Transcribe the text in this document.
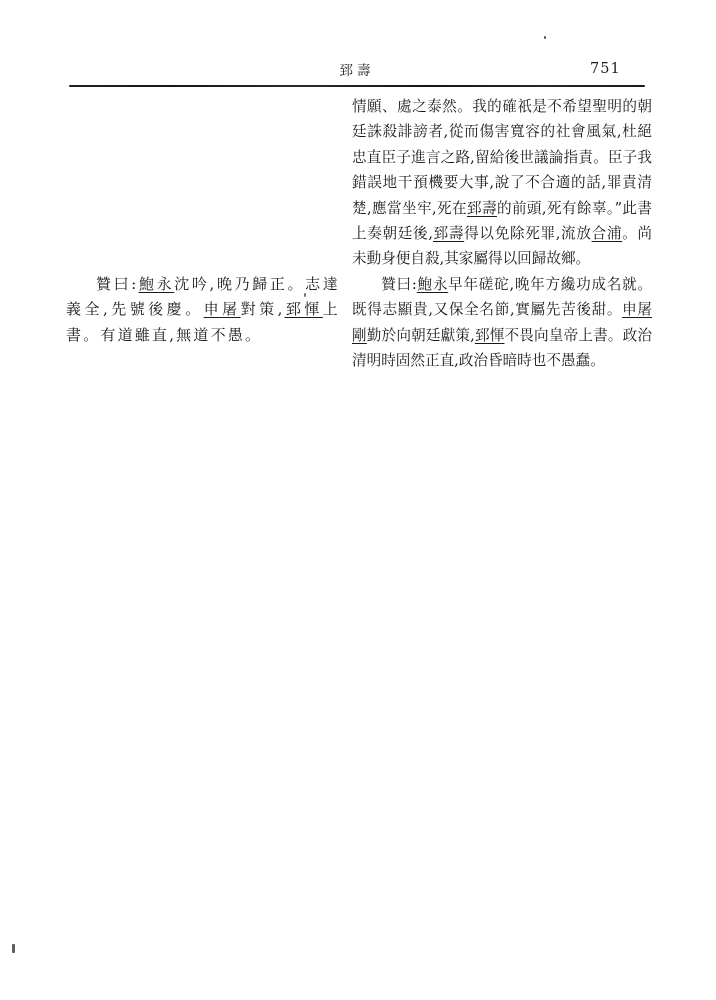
郅壽	751

贊曰:鮑永沈吟,晚乃歸正。志達義全,先號後慶。申屠對策,郅惲上書。有道雖直,無道不愚。

情願、處之泰然。我的確祇是不希望聖明的朝廷誅殺誹謗者,從而傷害寬容的社會風氣,杜絕忠直臣子進言之路,留給後世議論指責。臣子我錯誤地干預機要大事,說了不合適的話,罪責清楚,應當坐牢,死在郅壽的前頭,死有餘辜。”此書上奏朝廷後,郅壽得以免除死罪,流放合浦。尚未動身便自殺,其家屬得以回歸故鄉。

贊曰:鮑永早年磋砣,晚年方纔功成名就。既得志顯貴,又保全名節,實屬先苦後甜。申屠剛勤於向朝廷獻策,郅惲不畏向皇帝上書。政治清明時固然正直,政治昏暗時也不愚蠢。
